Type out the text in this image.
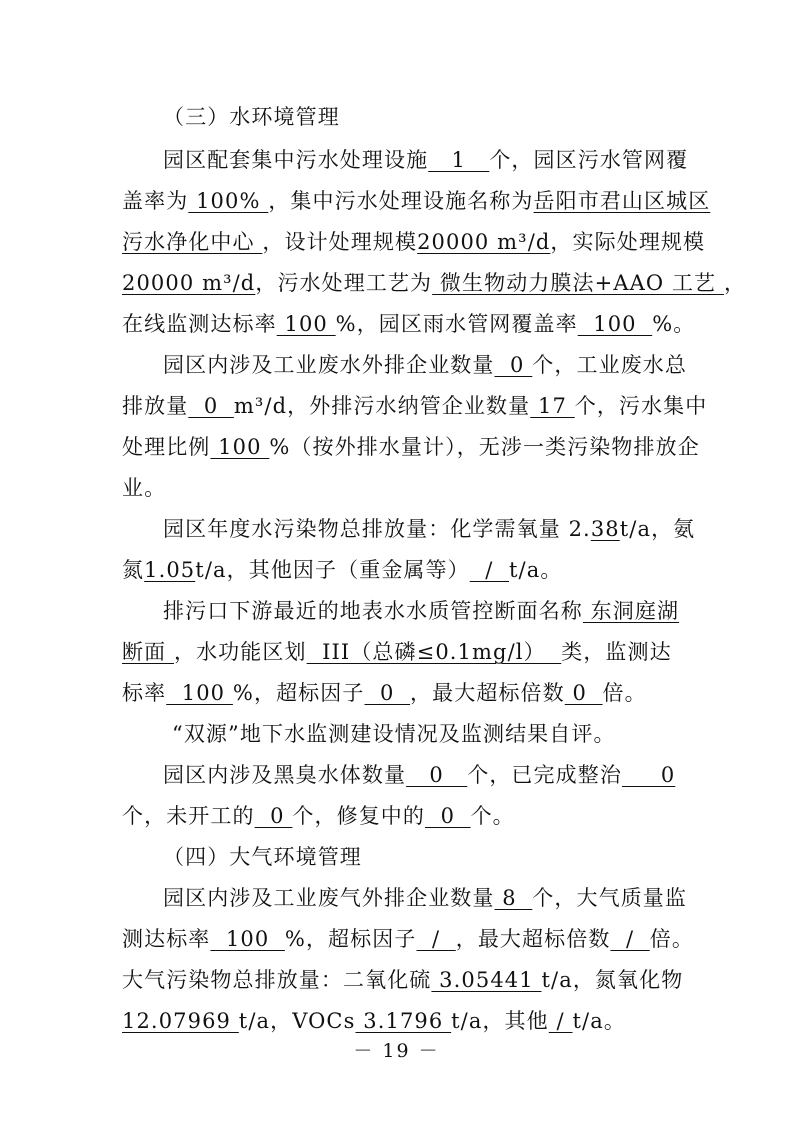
（三）水环境管理
园区配套集中污水处理设施   1   个，园区污水管网覆
盖率为 100% ，集中污水处理设施名称为岳阳市君山区城区
污水净化中心 ，设计处理规模20000 m³/d，实际处理规模
20000 m³/d，污水处理工艺为 微生物动力膜法+AAO 工艺 ，
在线监测达标率 100 %，园区雨水管网覆盖率  100  %。
园区内涉及工业废水外排企业数量  0 个，工业废水总
排放量  0  m³/d，外排污水纳管企业数量 17 个，污水集中
处理比例 100 %（按外排水量计），无涉一类污染物排放企
业。
园区年度水污染物总排放量：化学需氧量 2.38t/a，氨
氮1.05t/a，其他因子（重金属等）  /  t/a。
排污口下游最近的地表水水质管控断面名称 东洞庭湖
断面 ，水功能区划  III（总磷≤0.1mg/l）  类，监测达
标率  100 %，超标因子  0  ，最大超标倍数 0  倍。
“双源”地下水监测建设情况及监测结果自评。
园区内涉及黑臭水体数量   0   个，已完成整治     0
个，未开工的  0 个，修复中的  0  个。
（四）大气环境管理
园区内涉及工业废气外排企业数量 8  个，大气质量监
测达标率  100  %，超标因子  /  ，最大超标倍数  /  倍。
大气污染物总排放量：二氧化硫 3.05441 t/a，氮氧化物
12.07969 t/a，VOCs 3.1796 t/a，其他 / t/a。
－ 19 －
